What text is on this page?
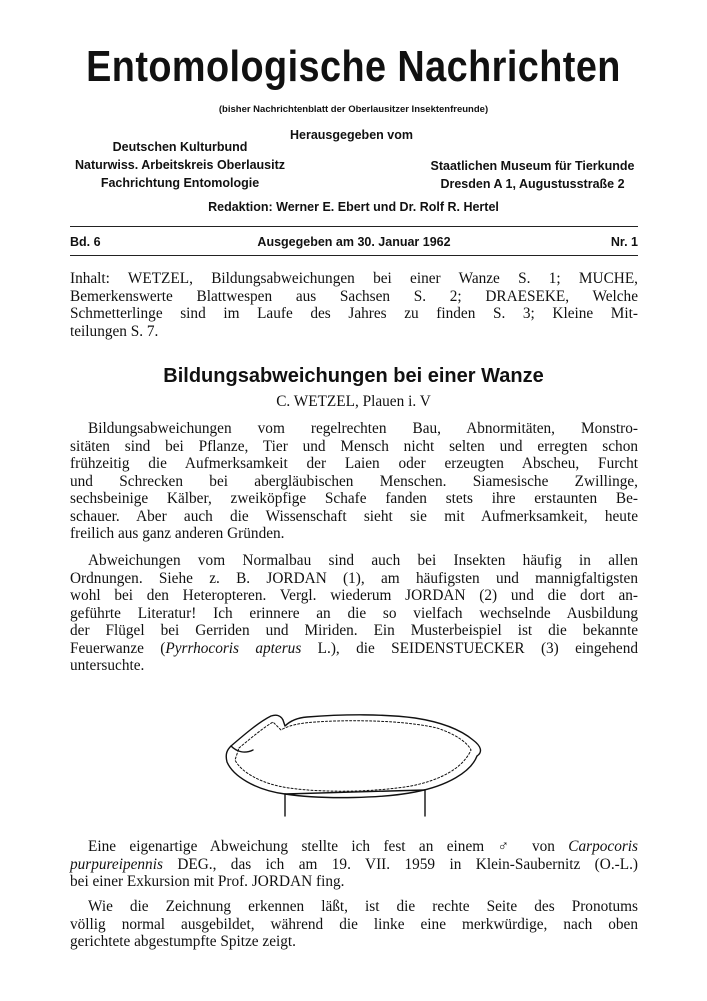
Entomologische Nachrichten
(bisher Nachrichtenblatt der Oberlausitzer Insektenfreunde)
Herausgegeben vom
Deutschen Kulturbund
Naturwiss. Arbeitskreis Oberlausitz
Fachrichtung Entomologie
Staatlichen Museum für Tierkunde
Dresden A 1, Augustusstraße 2
Redaktion: Werner E. Ebert und Dr. Rolf R. Hertel
Bd. 6	Ausgegeben am 30. Januar 1962	Nr. 1
Inhalt: WETZEL, Bildungsabweichungen bei einer Wanze S. 1; MUCHE,
Bemerkenswerte Blattwespen aus Sachsen S. 2; DRAESEKE, Welche
Schmetterlinge sind im Laufe des Jahres zu finden S. 3; Kleine Mit-
teilungen S. 7.
Bildungsabweichungen bei einer Wanze
C. WETZEL, Plauen i. V
Bildungsabweichungen vom regelrechten Bau, Abnormitäten, Monstro-
sitäten sind bei Pflanze, Tier und Mensch nicht selten und erregten schon
frühzeitig die Aufmerksamkeit der Laien oder erzeugten Abscheu, Furcht
und Schrecken bei abergläubischen Menschen. Siamesische Zwillinge,
sechsbeinige Kälber, zweiköpfige Schafe fanden stets ihre erstaunten Be-
schauer. Aber auch die Wissenschaft sieht sie mit Aufmerksamkeit, heute
freilich aus ganz anderen Gründen.
Abweichungen vom Normalbau sind auch bei Insekten häufig in allen
Ordnungen. Siehe z. B. JORDAN (1), am häufigsten und mannigfaltigsten
wohl bei den Heteropteren. Vergl. wiederum JORDAN (2) und die dort an-
geführte Literatur! Ich erinnere an die so vielfach wechselnde Ausbildung
der Flügel bei Gerriden und Miriden. Ein Musterbeispiel ist die bekannte
Feuerwanze (Pyrrhocoris apterus L.), die SEIDENSTUECKER (3) eingehend
untersuchte.
Eine eigenartige Abweichung stellte ich fest an einem ♂ von Carpocoris
purpureipennis DEG., das ich am 19. VII. 1959 in Klein-Saubernitz (O.-L.)
bei einer Exkursion mit Prof. JORDAN fing.
Wie die Zeichnung erkennen läßt, ist die rechte Seite des Pronotums
völlig normal ausgebildet, während die linke eine merkwürdige, nach oben
gerichtete abgestumpfte Spitze zeigt.
